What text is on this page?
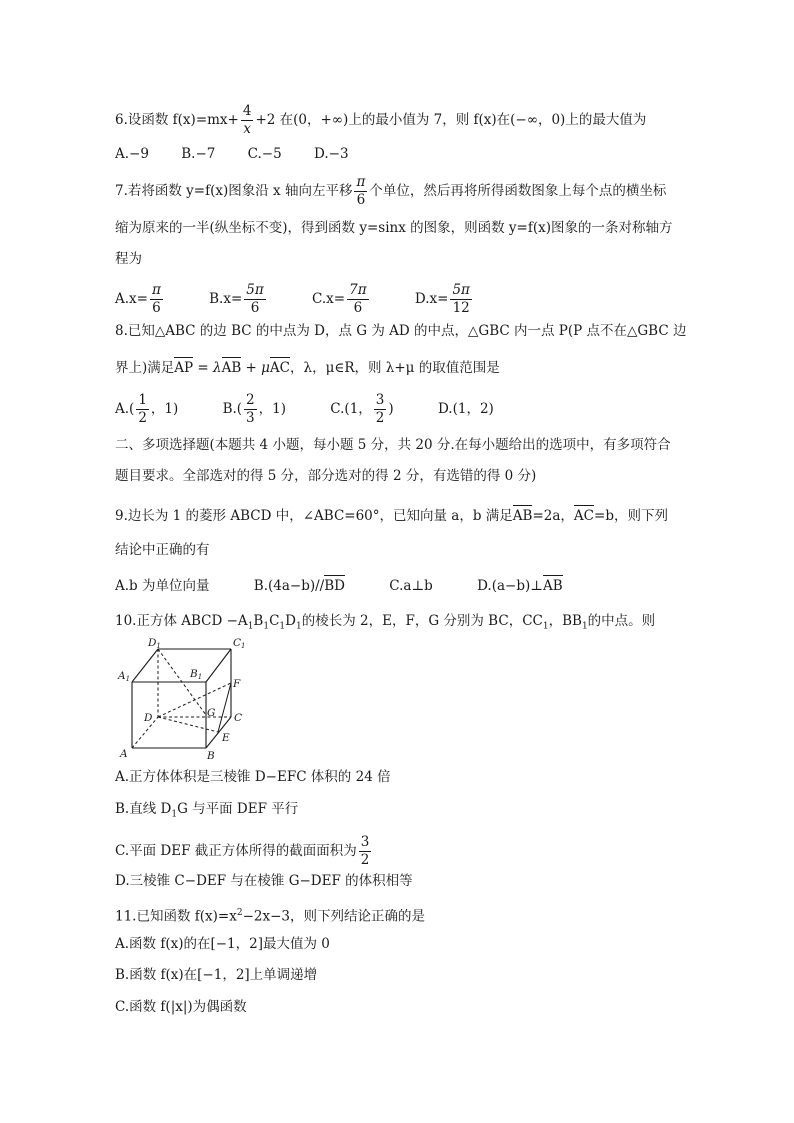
6.设函数 $f(x)=mx+ \frac{4}{x} +2$ 在(0，+∞)上的最小值为 7，则 f(x)在(−∞，0)上的最大值为
A.−9 B.−7 C.−5 D.−3
7.若将函数 y=f(x)图象沿 x 轴向左平移 $\frac{\pi}{6}$ 个单位，然后再将所得函数图象上每个点的横坐标
缩为原来的一半(纵坐标不变)，得到函数 y=sinx 的图象，则函数 y=f(x)图象的一条对称轴方
程为
$A.x= \frac{\pi}{6}$	$B.x= \frac{5\pi}{6}$	$C.x= \frac{7\pi}{6}$	$D.x= \frac{5\pi}{12}$
8.已知△ABC 的边 BC 的中点为 D，点 G 为 AD 的中点，△GBC 内一点 P(P 点不在△GBC 边
界上)满足AP = λAB + μAC，λ，μ∈R，则 λ+μ 的取值范围是
$A.( \frac{1}{2}$ ，1)	$B.( \frac{2}{3}$ ，1)	C.(1， $\frac{3}{2}$ )	D.(1，2)
二、多项选择题(本题共 4 小题，每小题 5 分，共 20 分.在每小题给出的选项中，有多项符合
题目要求。全部选对的得 5 分，部分选对的得 2 分，有选错的得 0 分)
9.边长为 1 的菱形 ABCD 中，∠ABC=60°，已知向量 a，b 满足AB=2a，AC=b，则下列
结论中正确的有
A.b 为单位向量	B.(4a−b)//BD	C.a⊥b	D.(a−b)⊥AB
10.正方体 ABCD $-A_1B_1C_1D_1$的棱长为 2，E，F，G 分别为 BC，$CC_1$，$BB_1$的中点。则
D1	C1
A1	B1
F
D	G C
E
A	B
A.正方体体积是三棱锥 D−EFC 体积的 24 倍
B.直线 $D_1G$ 与平面 DEF 平行
C.平面 DEF 截正方体所得的截面面积为 $\frac{3}{2}$
D.三棱锥 C−DEF 与在棱锥 G−DEF 的体积相等
11.已知函数 $f(x)=x^2-2x-3$，则下列结论正确的是
A.函数 f(x)的在[−1，2]最大值为 0
B.函数 f(x)在[−1，2]上单调递增
C.函数 f(|x|)为偶函数
